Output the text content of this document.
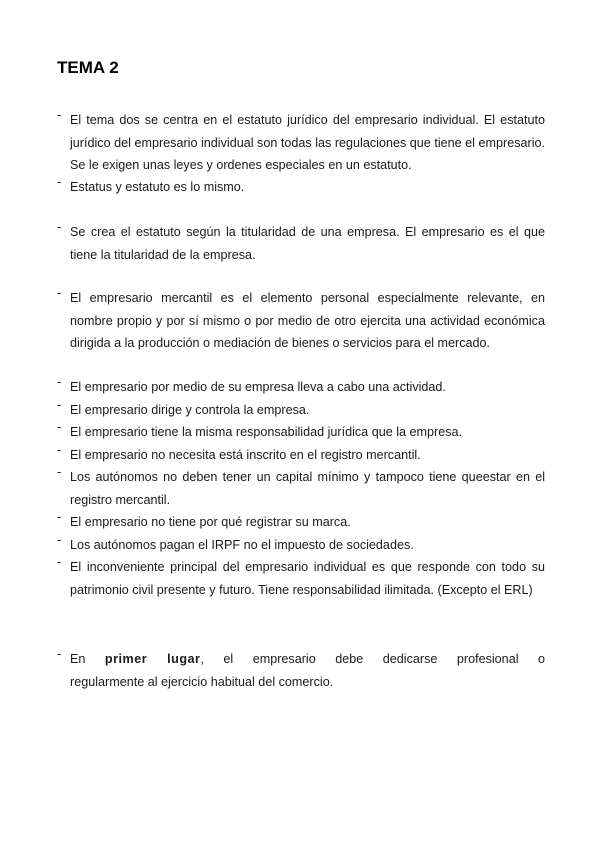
TEMA 2
- El tema dos se centra en el estatuto jurídico del empresario individual. El estatuto jurídico del empresario individual son todas las regulaciones que tiene el empresario. Se le exigen unas leyes y ordenes especiales en un estatuto.
- Estatus y estatuto es lo mismo.
- Se crea el estatuto según la titularidad de una empresa. El empresario es el que tiene la titularidad de la empresa.
- El empresario mercantil es el elemento personal especialmente relevante, en nombre propio y por sí mismo o por medio de otro ejercita una actividad económica dirigida a la producción o mediación de bienes o servicios para el mercado.
- El empresario por medio de su empresa lleva a cabo una actividad.
- El empresario dirige y controla la empresa.
- El empresario tiene la misma responsabilidad jurídica que la empresa.
- El empresario no necesita está inscrito en el registro mercantil.
- Los autónomos no deben tener un capital mínimo y tampoco tiene queestar en el registro mercantil.
- El empresario no tiene por qué registrar su marca.
- Los autónomos pagan el IRPF no el impuesto de sociedades.
- El inconveniente principal del empresario individual es que responde con todo su patrimonio civil presente y futuro. Tiene responsabilidad ilimitada. (Excepto el ERL)
- En primer lugar, el empresario debe dedicarse profesional o
regularmente al ejercicio habitual del comercio.
